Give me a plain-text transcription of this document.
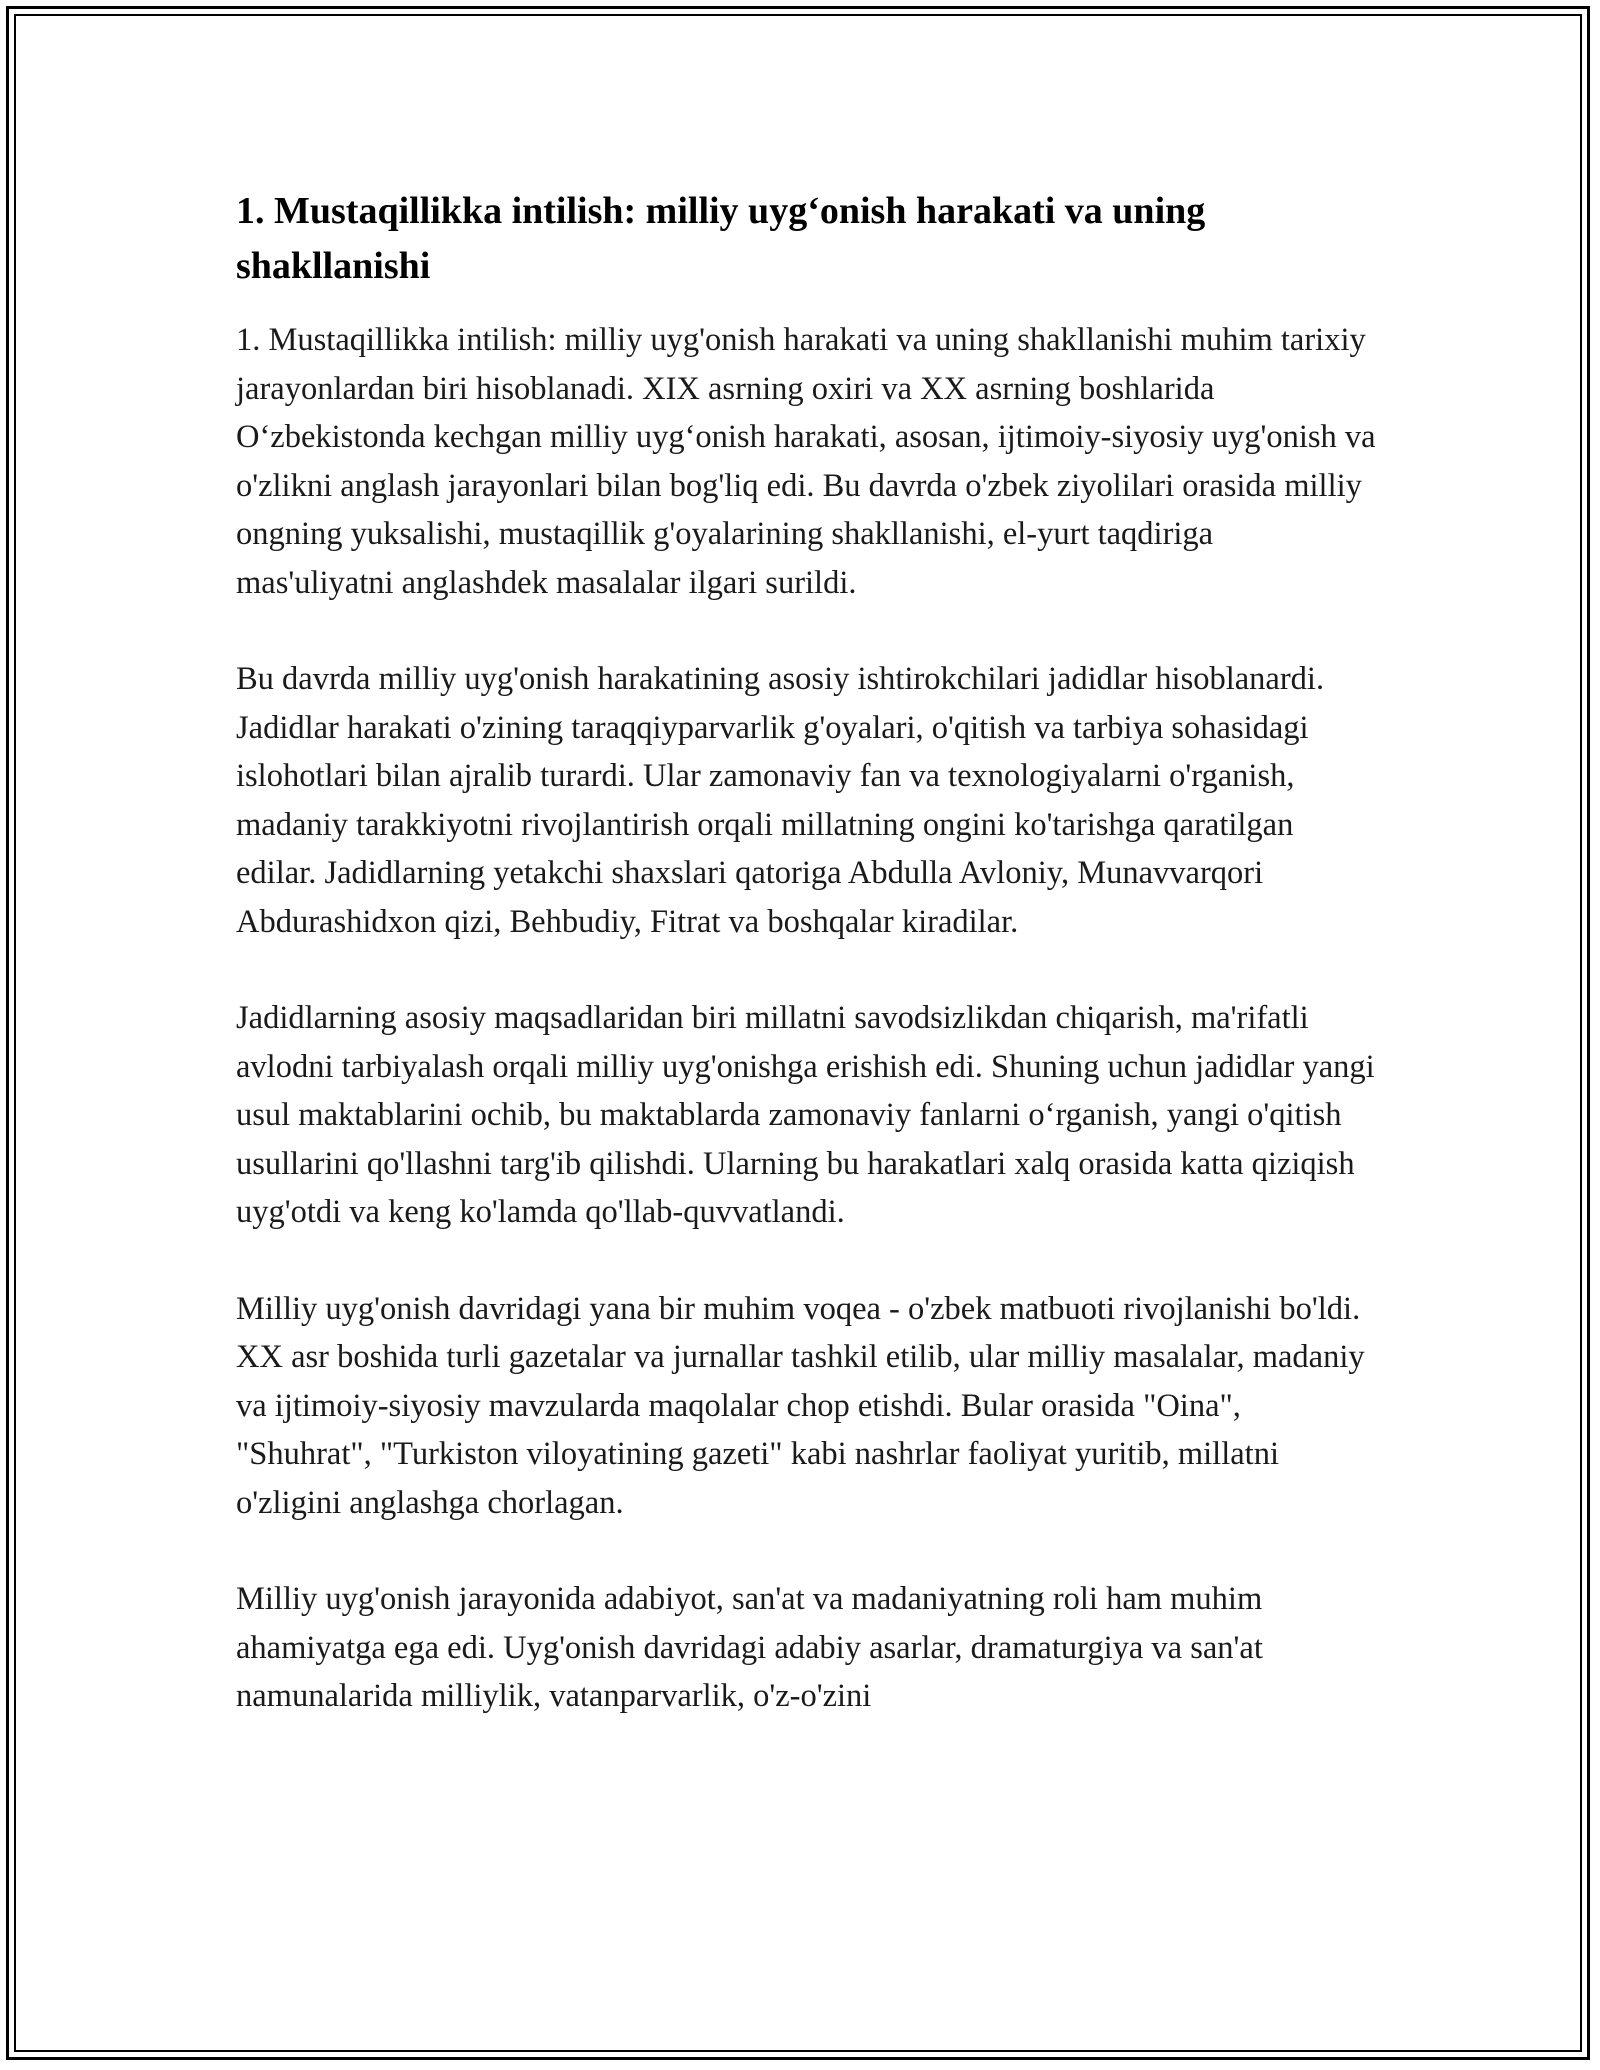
1. Mustaqillikka intilish: milliy uyg‘onish harakati va uning shakllanishi

1. Mustaqillikka intilish: milliy uyg'onish harakati va uning shakllanishi muhim tarixiy jarayonlardan biri hisoblanadi. XIX asrning oxiri va XX asrning boshlarida O‘zbekistonda kechgan milliy uyg‘onish harakati, asosan, ijtimoiy-siyosiy uyg'onish va o'zlikni anglash jarayonlari bilan bog'liq edi. Bu davrda o'zbek ziyolilari orasida milliy ongning yuksalishi, mustaqillik g'oyalarining shakllanishi, el-yurt taqdiriga mas'uliyatni anglashdek masalalar ilgari surildi.

Bu davrda milliy uyg'onish harakatining asosiy ishtirokchilari jadidlar hisoblanardi. Jadidlar harakati o'zining taraqqiyparvarlik g'oyalari, o'qitish va tarbiya sohasidagi islohotlari bilan ajralib turardi. Ular zamonaviy fan va texnologiyalarni o'rganish, madaniy tarakkiyotni rivojlantirish orqali millatning ongini ko'tarishga qaratilgan edilar. Jadidlarning yetakchi shaxslari qatoriga Abdulla Avloniy, Munavvarqori Abdurashidxon qizi, Behbudiy, Fitrat va boshqalar kiradilar.

Jadidlarning asosiy maqsadlaridan biri millatni savodsizlikdan chiqarish, ma'rifatli avlodni tarbiyalash orqali milliy uyg'onishga erishish edi. Shuning uchun jadidlar yangi usul maktablarini ochib, bu maktablarda zamonaviy fanlarni o‘rganish, yangi o'qitish usullarini qo'llashni targ'ib qilishdi. Ularning bu harakatlari xalq orasida katta qiziqish uyg'otdi va keng ko'lamda qo'llab-quvvatlandi.

Milliy uyg'onish davridagi yana bir muhim voqea - o'zbek matbuoti rivojlanishi bo'ldi. XX asr boshida turli gazetalar va jurnallar tashkil etilib, ular milliy masalalar, madaniy va ijtimoiy-siyosiy mavzularda maqolalar chop etishdi. Bular orasida "Oina", "Shuhrat", "Turkiston viloyatining gazeti" kabi nashrlar faoliyat yuritib, millatni o'zligini anglashga chorlagan.

Milliy uyg'onish jarayonida adabiyot, san'at va madaniyatning roli ham muhim ahamiyatga ega edi. Uyg'onish davridagi adabiy asarlar, dramaturgiya va san'at namunalarida milliylik, vatanparvarlik, o'z-o'zini
